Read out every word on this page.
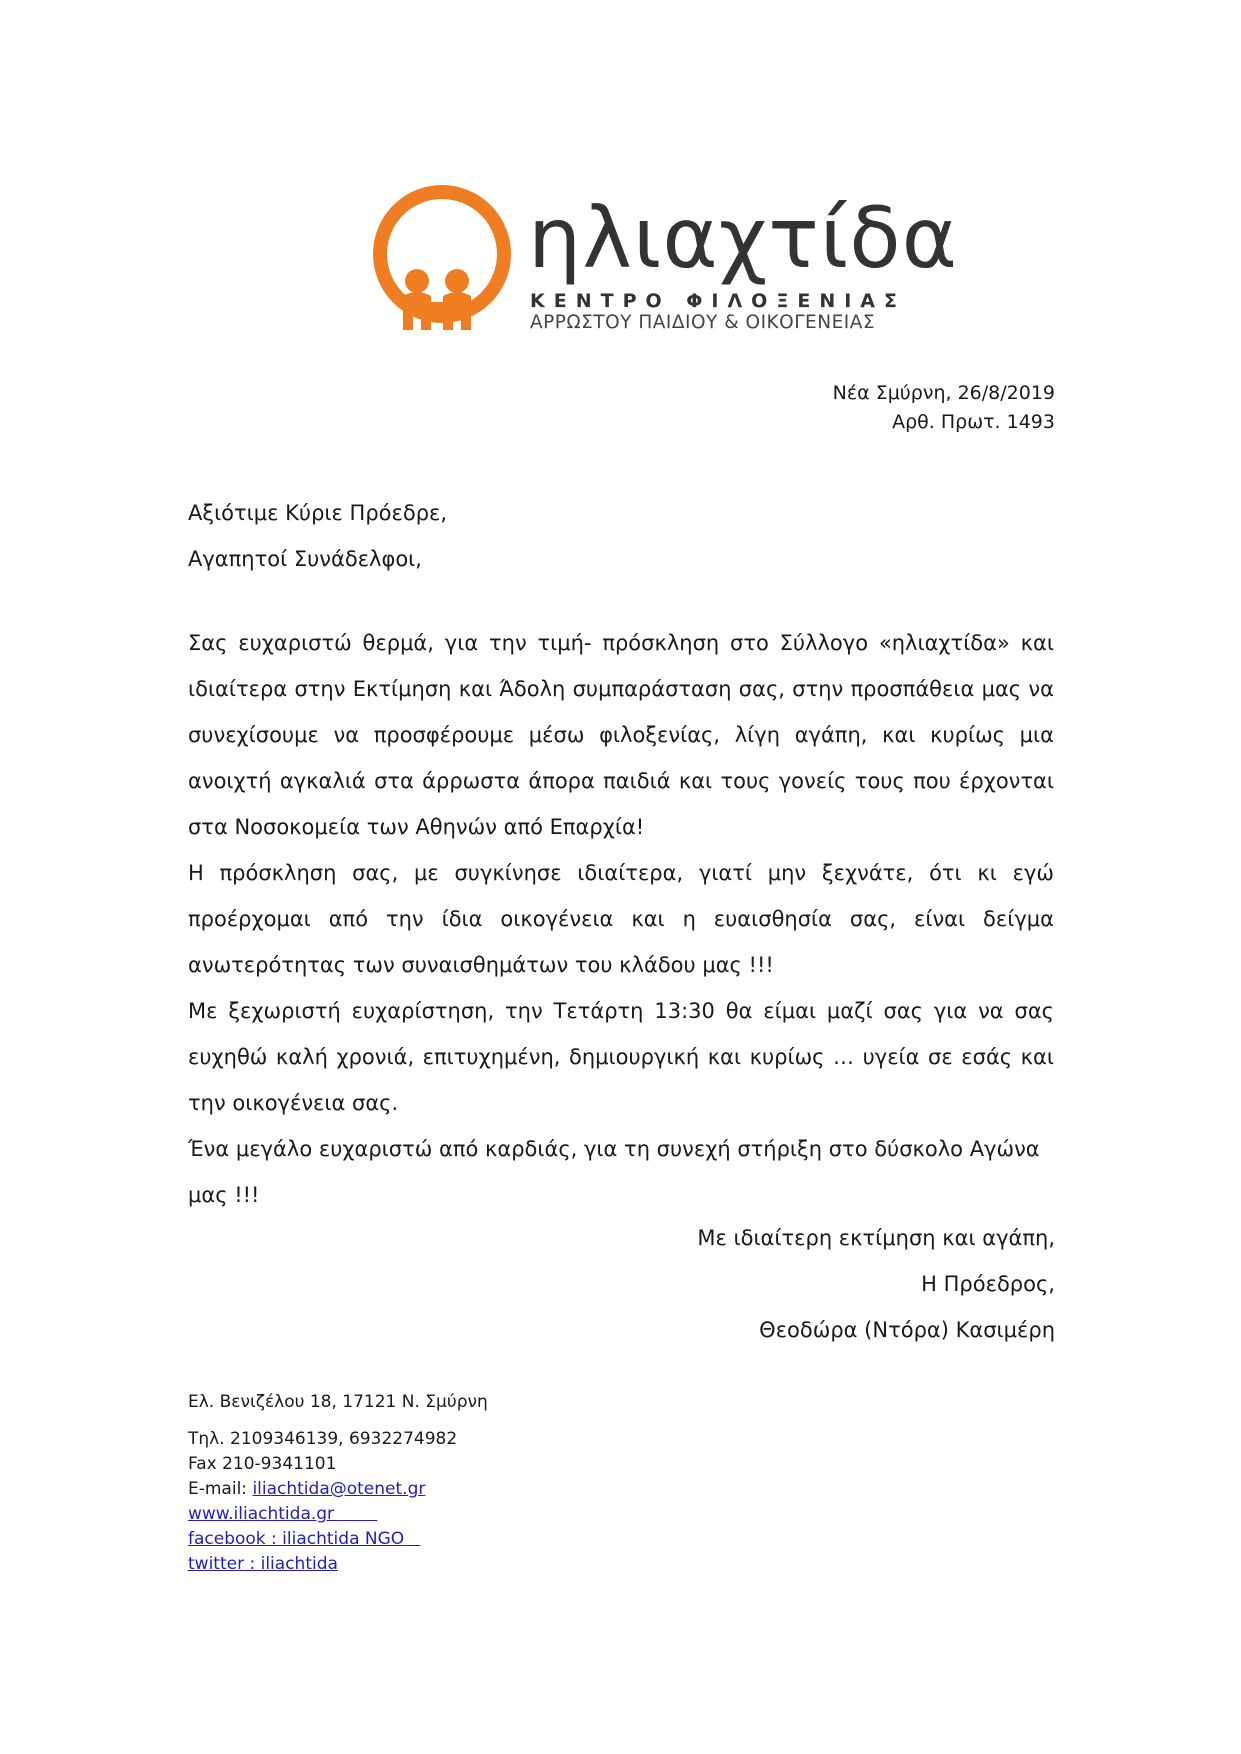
ηλιαχτίδα
ΚΕΝΤΡΟ ΦΙΛΟΞΕΝΙΑΣ
ΑΡΡΩΣΤΟΥ ΠΑΙΔΙΟΥ & ΟΙΚΟΓΕΝΕΙΑΣ
Νέα Σμύρνη, 26/8/2019
Αρθ. Πρωτ. 1493
Αξιότιμε Κύριε Πρόεδρε,
Αγαπητοί Συνάδελφοι,

Σας ευχαριστώ θερμά, για την τιμή- πρόσκληση στο Σύλλογο «ηλιαχτίδα» και ιδιαίτερα στην Εκτίμηση και Άδολη συμπαράσταση σας, στην προσπάθεια μας να συνεχίσουμε να προσφέρουμε μέσω φιλοξενίας, λίγη αγάπη, και κυρίως μια ανοιχτή αγκαλιά στα άρρωστα άπορα παιδιά και τους γονείς τους που έρχονται στα Νοσοκομεία των Αθηνών από Επαρχία!

Η πρόσκληση σας, με συγκίνησε ιδιαίτερα, γιατί μην ξεχνάτε, ότι κι εγώ προέρχομαι από την ίδια οικογένεια και η ευαισθησία σας, είναι δείγμα ανωτερότητας των συναισθημάτων του κλάδου μας !!!

Με ξεχωριστή ευχαρίστηση, την Τετάρτη 13:30 θα είμαι μαζί σας για να σας ευχηθώ καλή χρονιά, επιτυχημένη, δημιουργική και κυρίως … υγεία σε εσάς και την οικογένεια σας.

Ένα μεγάλο ευχαριστώ από καρδιάς, για τη συνεχή στήριξη στο δύσκολο Αγώνα

μας !!!

Με ιδιαίτερη εκτίμηση και αγάπη,
Η Πρόεδρος,
Θεοδώρα (Ντόρα) Κασιμέρη
Ελ. Βενιζέλου 18, 17121 Ν. Σμύρνη
Τηλ. 2109346139, 6932274982
Fax 210-9341101
E-mail: iliachtida@otenet.gr
www.iliachtida.gr
facebook : iliachtida NGO
twitter : iliachtida
